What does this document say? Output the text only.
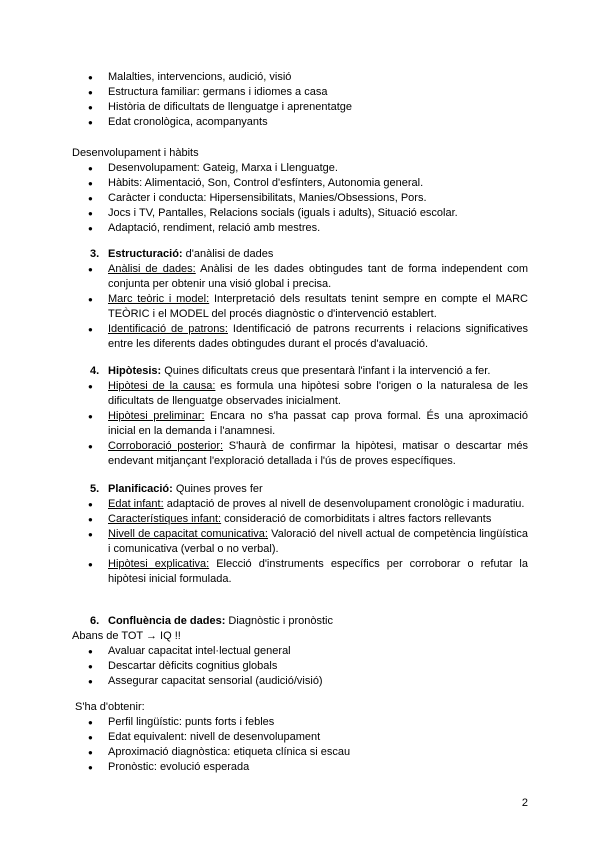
● Malalties, intervencions, audició, visió
● Estructura familiar: germans i idiomes a casa
● Història de dificultats de llenguatge i aprenentatge
● Edat cronològica, acompanyants
Desenvolupament i hàbits
● Desenvolupament: Gateig, Marxa i Llenguatge.
● Hàbits: Alimentació, Son, Control d'esfínters, Autonomia general.
● Caràcter i conducta: Hipersensibilitats, Manies/Obsessions, Pors.
● Jocs i TV, Pantalles, Relacions socials (iguals i adults), Situació escolar.
● Adaptació, rendiment, relació amb mestres.
3. Estructuració: d'anàlisi de dades
● Anàlisi de dades: Anàlisi de les dades obtingudes tant de forma independent com conjunta per obtenir una visió global i precisa.
● Marc teòric i model: Interpretació dels resultats tenint sempre en compte el MARC TEÒRIC i el MODEL del procés diagnòstic o d'intervenció establert.
● Identificació de patrons: Identificació de patrons recurrents i relacions significatives entre les diferents dades obtingudes durant el procés d'avaluació.
4. Hipòtesis: Quines dificultats creus que presentarà l'infant i la intervenció a fer.
● Hipòtesi de la causa: es formula una hipòtesi sobre l'origen o la naturalesa de les dificultats de llenguatge observades inicialment.
● Hipòtesi preliminar: Encara no s'ha passat cap prova formal. És una aproximació inicial en la demanda i l'anamnesi.
● Corroboració posterior: S'haurà de confirmar la hipòtesi, matisar o descartar més endevant mitjançant l'exploració detallada i l'ús de proves específiques.
5. Planificació: Quines proves fer
● Edat infant: adaptació de proves al nivell de desenvolupament cronològic i maduratiu.
● Característiques infant: consideració de comorbiditats i altres factors rellevants
● Nivell de capacitat comunicativa: Valoració del nivell actual de competència lingüística i comunicativa (verbal o no verbal).
● Hipòtesi explicativa: Elecció d'instruments específics per corroborar o refutar la hipòtesi inicial formulada.
6. Confluència de dades: Diagnòstic i pronòstic
Abans de TOT → IQ !!
● Avaluar capacitat intel·lectual general
● Descartar dèficits cognitius globals
● Assegurar capacitat sensorial (audició/visió)
S'ha d'obtenir:
● Perfil lingüístic: punts forts i febles
● Edat equivalent: nivell de desenvolupament
● Aproximació diagnòstica: etiqueta clínica si escau
● Pronòstic: evolució esperada
2
